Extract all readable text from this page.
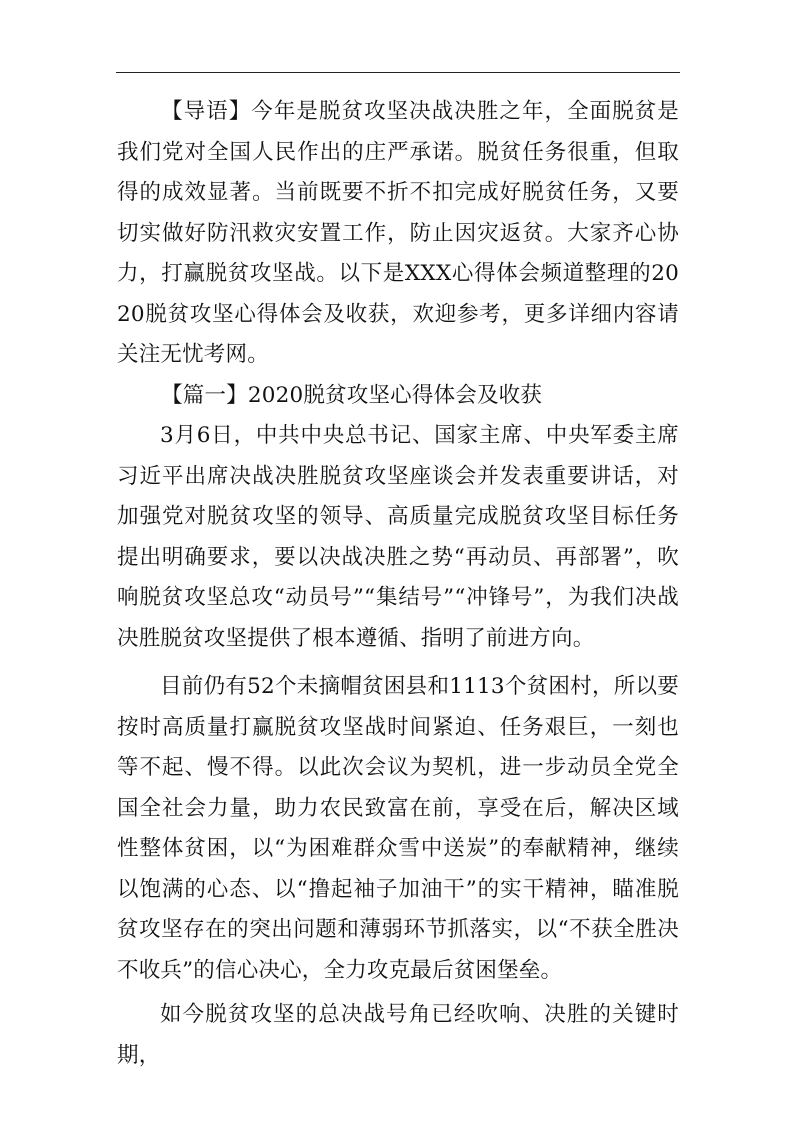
【导语】今年是脱贫攻坚决战决胜之年，全面脱贫是我们党对全国人民作出的庄严承诺。脱贫任务很重，但取得的成效显著。当前既要不折不扣完成好脱贫任务，又要切实做好防汛救灾安置工作，防止因灾返贫。大家齐心协力，打赢脱贫攻坚战。以下是XXX心得体会频道整理的2020脱贫攻坚心得体会及收获，欢迎参考，更多详细内容请关注无忧考网。

【篇一】2020脱贫攻坚心得体会及收获

3月6日，中共中央总书记、国家主席、中央军委主席习近平出席决战决胜脱贫攻坚座谈会并发表重要讲话，对加强党对脱贫攻坚的领导、高质量完成脱贫攻坚目标任务提出明确要求，要以决战决胜之势“再动员、再部署”，吹响脱贫攻坚总攻“动员号”“集结号”“冲锋号”，为我们决战决胜脱贫攻坚提供了根本遵循、指明了前进方向。

目前仍有52个未摘帽贫困县和1113个贫困村，所以要按时高质量打赢脱贫攻坚战时间紧迫、任务艰巨，一刻也等不起、慢不得。以此次会议为契机，进一步动员全党全国全社会力量，助力农民致富在前，享受在后，解决区域性整体贫困，以“为困难群众雪中送炭”的奉献精神，继续以饱满的心态、以“撸起袖子加油干”的实干精神，瞄准脱贫攻坚存在的突出问题和薄弱环节抓落实，以“不获全胜决不收兵”的信心决心，全力攻克最后贫困堡垒。

如今脱贫攻坚的总决战号角已经吹响、决胜的关键时期，
